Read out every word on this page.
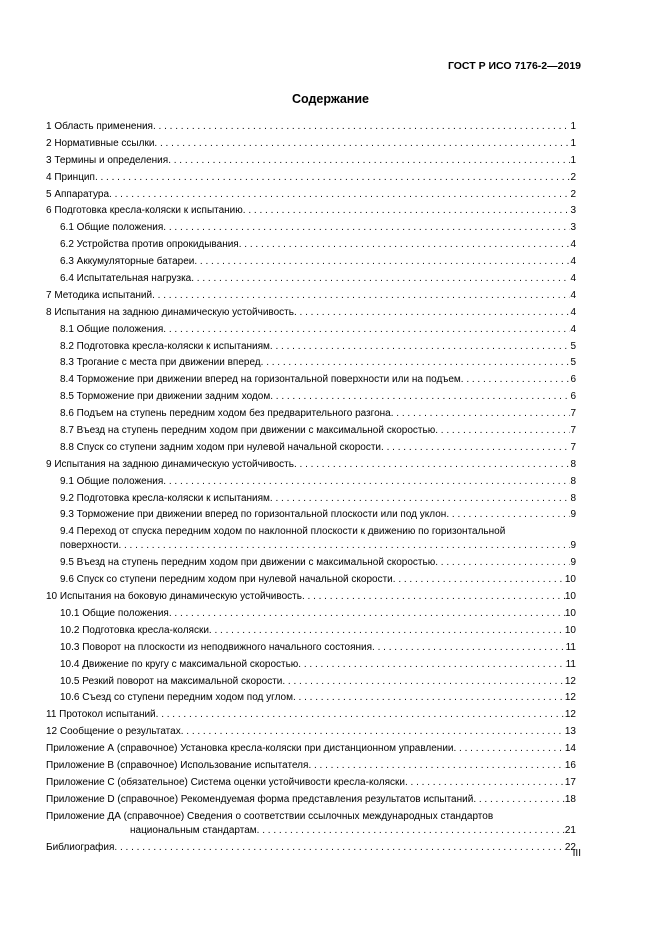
ГОСТ Р ИСО 7176-2—2019
Содержание
1 Область применения . . .	1
2 Нормативные ссылки . . .	1
3 Термины и определения . . .	1
4 Принцип . . .	2
5 Аппаратура . . .	2
6 Подготовка кресла-коляски к испытанию . . .	3
6.1 Общие положения . . .	3
6.2 Устройства против опрокидывания . . .	4
6.3 Аккумуляторные батареи . . .	4
6.4 Испытательная нагрузка . . .	4
7 Методика испытаний . . .	4
8 Испытания на заднюю динамическую устойчивость . . .	4
8.1 Общие положения . . .	4
8.2 Подготовка кресла-коляски к испытаниям . . .	5
8.3 Трогание с места при движении вперед . . .	5
8.4 Торможение при движении вперед на горизонтальной поверхности или на подъем . . .	6
8.5 Торможение при движении задним ходом . . .	6
8.6 Подъем на ступень передним ходом без предварительного разгона . . .	7
8.7 Въезд на ступень передним ходом при движении с максимальной скоростью . . .	7
8.8 Спуск со ступени задним ходом при нулевой начальной скорости . . .	7
9 Испытания на заднюю динамическую устойчивость . . .	8
9.1 Общие положения . . .	8
9.2 Подготовка кресла-коляски к испытаниям . . .	8
9.3 Торможение при движении вперед по горизонтальной плоскости или под уклон . . .	9
9.4 Переход от спуска передним ходом по наклонной плоскости к движению по горизонтальной
поверхности . . .	9
9.5 Въезд на ступень передним ходом при движении с максимальной скоростью . . .	9
9.6 Спуск со ступени передним ходом при нулевой начальной скорости . . .	10
10 Испытания на боковую динамическую устойчивость . . .	10
10.1 Общие положения . . .	10
10.2 Подготовка кресла-коляски . . .	10
10.3 Поворот на плоскости из неподвижного начального состояния . . .	11
10.4 Движение по кругу с максимальной скоростью . . .	11
10.5 Резкий поворот на максимальной скорости . . .	12
10.6 Съезд со ступени передним ходом под углом . . .	12
11 Протокол испытаний . . .	12
12 Сообщение о результатах . . .	13
Приложение А (справочное) Установка кресла-коляски при дистанционном управлении . . .	14
Приложение В (справочное) Использование испытателя . . .	16
Приложение С (обязательное) Система оценки устойчивости кресла-коляски . . .	17
Приложение D (справочное) Рекомендуемая форма представления результатов испытаний . . .	18
Приложение ДА (справочное) Сведения о соответствии ссылочных международных стандартов
национальным стандартам . . .	21
Библиография . . .	22
III
